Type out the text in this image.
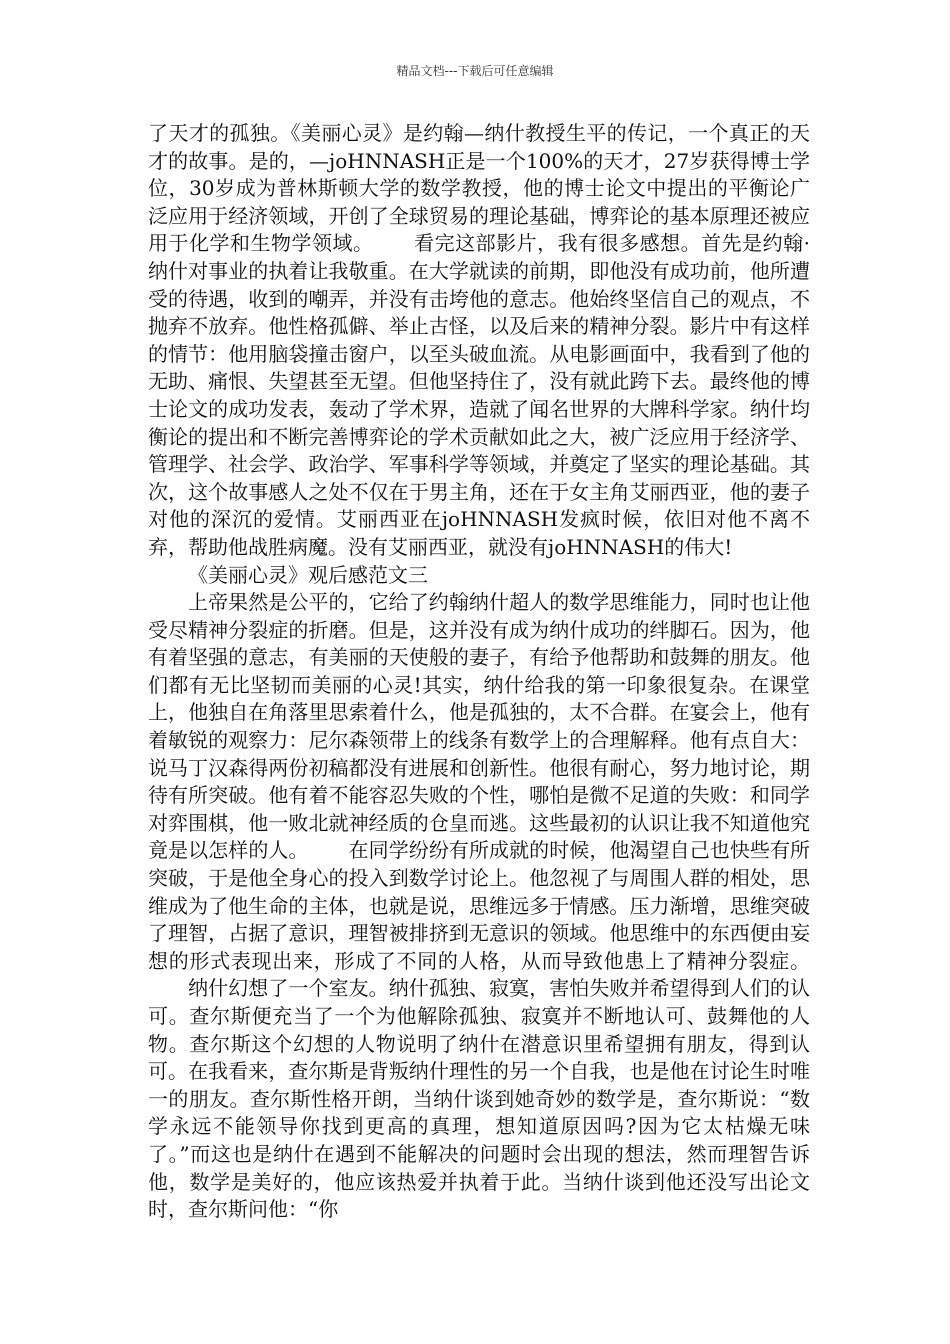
精品文档---下载后可任意编辑

了天才的孤独。《美丽心灵》是约翰—纳什教授生平的传记，一个真正的天才的故事。是的，—joHNNASH正是一个100%的天才，27岁获得博士学位，30岁成为普林斯顿大学的数学教授，他的博士论文中提出的平衡论广泛应用于经济领域，开创了全球贸易的理论基础，博弈论的基本原理还被应用于化学和生物学领域。 看完这部影片，我有很多感想。首先是约翰·纳什对事业的执着让我敬重。在大学就读的前期，即他没有成功前，他所遭受的待遇，收到的嘲弄，并没有击垮他的意志。他始终坚信自己的观点，不抛弃不放弃。他性格孤僻、举止古怪，以及后来的精神分裂。影片中有这样的情节：他用脑袋撞击窗户，以至头破血流。从电影画面中，我看到了他的无助、痛恨、失望甚至无望。但他坚持住了，没有就此跨下去。最终他的博士论文的成功发表，轰动了学术界，造就了闻名世界的大牌科学家。纳什均衡论的提出和不断完善博弈论的学术贡献如此之大，被广泛应用于经济学、管理学、社会学、政治学、军事科学等领域，并奠定了坚实的理论基础。其次，这个故事感人之处不仅在于男主角，还在于女主角艾丽西亚，他的妻子对他的深沉的爱情。艾丽西亚在joHNNASH发疯时候，依旧对他不离不弃，帮助他战胜病魔。没有艾丽西亚，就没有joHNNASH的伟大!

《美丽心灵》观后感范文三

上帝果然是公平的，它给了约翰纳什超人的数学思维能力，同时也让他受尽精神分裂症的折磨。但是，这并没有成为纳什成功的绊脚石。因为，他有着坚强的意志，有美丽的天使般的妻子，有给予他帮助和鼓舞的朋友。他们都有无比坚韧而美丽的心灵!其实，纳什给我的第一印象很复杂。在课堂上，他独自在角落里思索着什么，他是孤独的，太不合群。在宴会上，他有着敏锐的观察力：尼尔森领带上的线条有数学上的合理解释。他有点自大：说马丁汉森得两份初稿都没有进展和创新性。他很有耐心，努力地讨论，期待有所突破。他有着不能容忍失败的个性，哪怕是微不足道的失败：和同学对弈围棋，他一败北就神经质的仓皇而逃。这些最初的认识让我不知道他究竟是以怎样的人。 在同学纷纷有所成就的时候，他渴望自己也快些有所突破，于是他全身心的投入到数学讨论上。他忽视了与周围人群的相处，思维成为了他生命的主体，也就是说，思维远多于情感。压力渐增，思维突破了理智，占据了意识，理智被排挤到无意识的领域。他思维中的东西便由妄想的形式表现出来，形成了不同的人格，从而导致他患上了精神分裂症。纳什幻想了一个室友。纳什孤独、寂寞，害怕失败并希望得到人们的认可。查尔斯便充当了一个为他解除孤独、寂寞并不断地认可、鼓舞他的人物。查尔斯这个幻想的人物说明了纳什在潜意识里希望拥有朋友，得到认可。在我看来，查尔斯是背叛纳什理性的另一个自我，也是他在讨论生时唯一的朋友。查尔斯性格开朗，当纳什谈到她奇妙的数学是，查尔斯说：“数学永远不能领导你找到更高的真理，想知道原因吗?因为它太枯燥无味了。”而这也是纳什在遇到不能解决的问题时会出现的想法，然而理智告诉他，数学是美好的，他应该热爱并执着于此。当纳什谈到他还没写出论文时，查尔斯问他：“你
